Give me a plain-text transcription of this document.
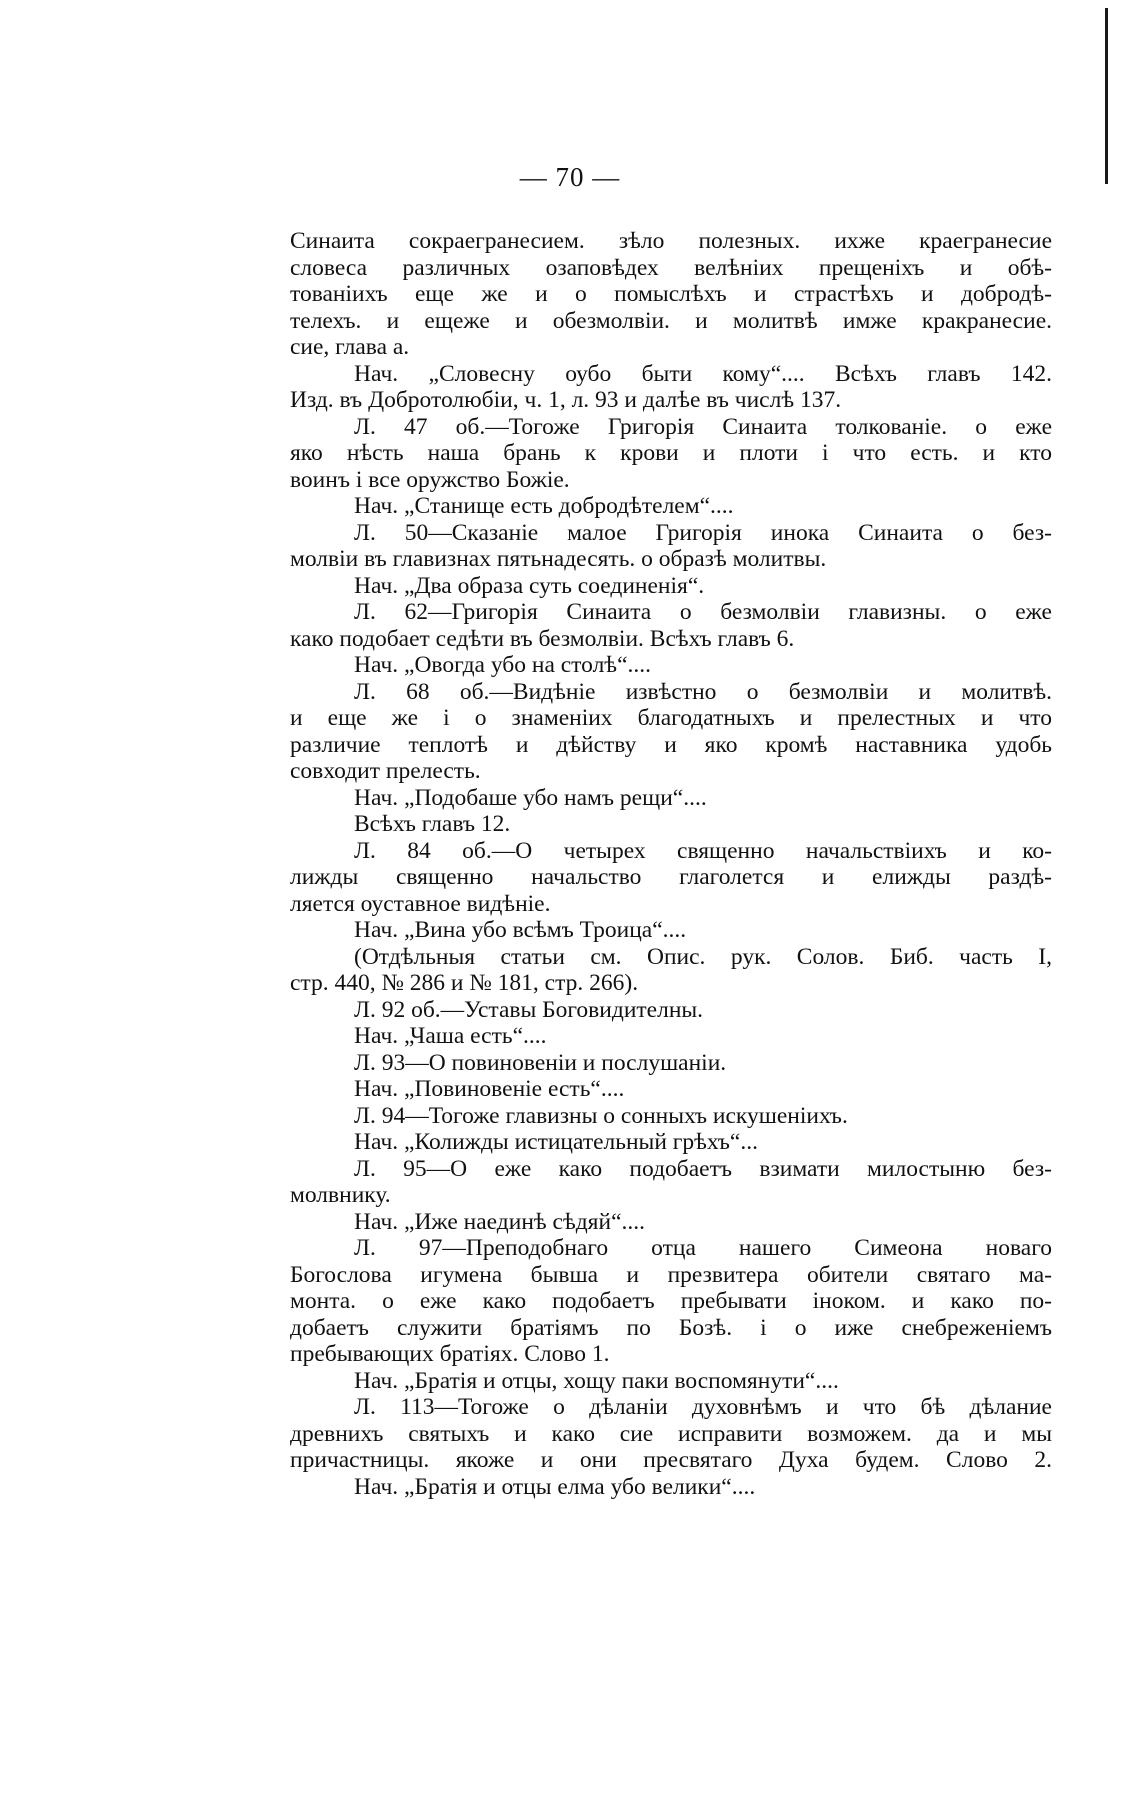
— 70 —
Синаита сокраегранесием. зѣло полезных. ихже краегранесие
словеса различных озаповѣдех велѣніих прещеніхъ и обѣ-
тованіихъ еще же и о помыслѣхъ и страстѣхъ и добродѣ-
телехъ. и ещеже и обезмолвіи. и молитвѣ имже кракранесие.
сие, глава а.
Нач. „Словесну оубо быти кому“.... Всѣхъ главъ 142.
Изд. въ Добротолюбіи, ч. 1, л. 93 и далѣе въ числѣ 137.
Л. 47 об.—Тогоже Григорія Синаита толкованіе. о еже
яко нѣсть наша брань к крови и плоти і что есть. и кто
воинъ і все оружство Божіе.
Нач. „Станище есть добродѣтелем“....
Л. 50—Сказаніе малое Григорія инока Синаита о без-
молвіи въ главизнах пятьнадесять. о образѣ молитвы.
Нач. „Два образа суть соединенія“.
Л. 62—Григорія Синаита о безмолвіи главизны. о еже
како подобает седѣти въ безмолвіи. Всѣхъ главъ 6.
Нач. „Овогда убо на столѣ“....
Л. 68 об.—Видѣніе извѣстно о безмолвіи и молитвѣ.
и еще же і о знаменіих благодатныхъ и прелестных и что
различие теплотѣ и дѣйству и яко кромѣ наставника удобь
совходит прелесть.
Нач. „Подобаше убо намъ рещи“....
Всѣхъ главъ 12.
Л. 84 об.—О четырех священно начальствіихъ и ко-
лижды священно начальство глаголется и елижды раздѣ-
ляется оуставное видѣніе.
Нач. „Вина убо всѣмъ Троица“....
(Отдѣльныя статьи см. Опис. рук. Солов. Биб. часть I,
стр. 440, № 286 и № 181, стр. 266).
Л. 92 об.—Уставы Боговидителны.
Нач. „Чаша есть“....
Л. 93—О повиновеніи и послушаніи.
Нач. „Повиновеніе есть“....
Л. 94—Тогоже главизны о сонныхъ искушеніихъ.
Нач. „Колижды истицательный грѣхъ“...
Л. 95—О еже како подобаетъ взимати милостыню без-
молвнику.
Нач. „Иже наединѣ сѣдяй“....
Л. 97—Преподобнаго отца нашего Симеона новаго
Богослова игумена бывша и презвитера обители святаго ма-
монта. о еже како подобаетъ пребывати іноком. и како по-
добаетъ служити братіямъ по Бозѣ. і о иже снебреженіемъ
пребывающих братіях. Слово 1.
Нач. „Братія и отцы, хощу паки воспомянути“....
Л. 113—Тогоже о дѣланіи духовнѣмъ и что бѣ дѣлание
древнихъ святыхъ и како сие исправити возможем. да и мы
причастницы. якоже и они пресвятаго Духа будем. Слово 2.
Нач. „Братія и отцы елма убо велики“....
